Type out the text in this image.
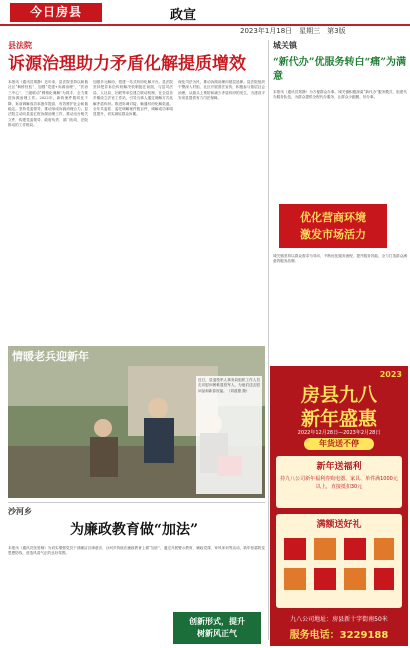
今日房县	政宣
2023年1月18日　星期三　第3版
县法院
诉源治理助力矛盾化解提质增效
本报讯（通讯员胡静）近年来，县法院坚持以和谐社区“枫桥经验”、加强“党建+诉源治理”，“法治三中心”、三级联动“网格化调解”为抓手，全力推进诉源治理工作。2022年，新收案件数同比下降，诉前调解成功率逐年提高，有效维护社会和谐稳定。坚持党委领导，推动形成诉源治理合力。县法院主动向县委汇报诉源治理工作，推动出台相关文件，构建党委领导、政府负责、部门协同、法院推动的工作格局。
加强多元解纷，搭建一站式纠纷化解平台。县法院坚持把非诉讼纠纷解决机制挺在前面，与县司法局、人社局、妇联等单位建立联动机制，在全县各乡镇设立法官工作站，引导当事人通过调解方式化解矛盾纠纷。推进诉调对接，畅通纠纷化解渠道。全年共委派、委托调解案件数百件，调解成功率明显提升，切实减轻群众诉累。
深化司法为民，推动诉源治理向基层延伸。县法院组织干警深入村组、社区开展普法宣传，积极参与基层社会治理，从源头上预防和减少矛盾纠纷的发生，为建设平安房县提供有力司法保障。
城关镇
“新代办”优服务转白“痛”为满意
本报讯（通讯员郑静）为方便群众办事，城关镇积极探索“新代办”服务模式，组建代办服务队伍，为群众提供全程代办服务，让群众少跑腿、好办事。
优化营商环境
激发市场活力
城关镇坚持以群众需求为导向，不断优化服务流程，提升服务效能，全力打造群众满意的服务品牌。
情暖老兵迎新年
近日，县退役军人事务局组织工作人员走访慰问困难退役军人，为他们送去慰问品和新春祝福。（刘道德 摄）
沙河乡
为廉政教育做“加法”
本报讯（通讯员张爱娥）为切实增强党员干部廉洁自律意识，沙河乡持续在廉政教育上做“加法”，通过开展警示教育、廉政党课、家风家训等活动，筑牢拒腐防变思想防线，营造风清气正的良好氛围。
创新形式，提升
树新风正气
2023
房县九八
新年盛惠
2022年12月28日—2023年2月28日
年货送不停
新年送福利
持九八公司新年福利券购电器、家具、单件满1000元以上，直接抵扣30元
满额送好礼
九八公司地址：房县新十字街南50米
服务电话：3229188
